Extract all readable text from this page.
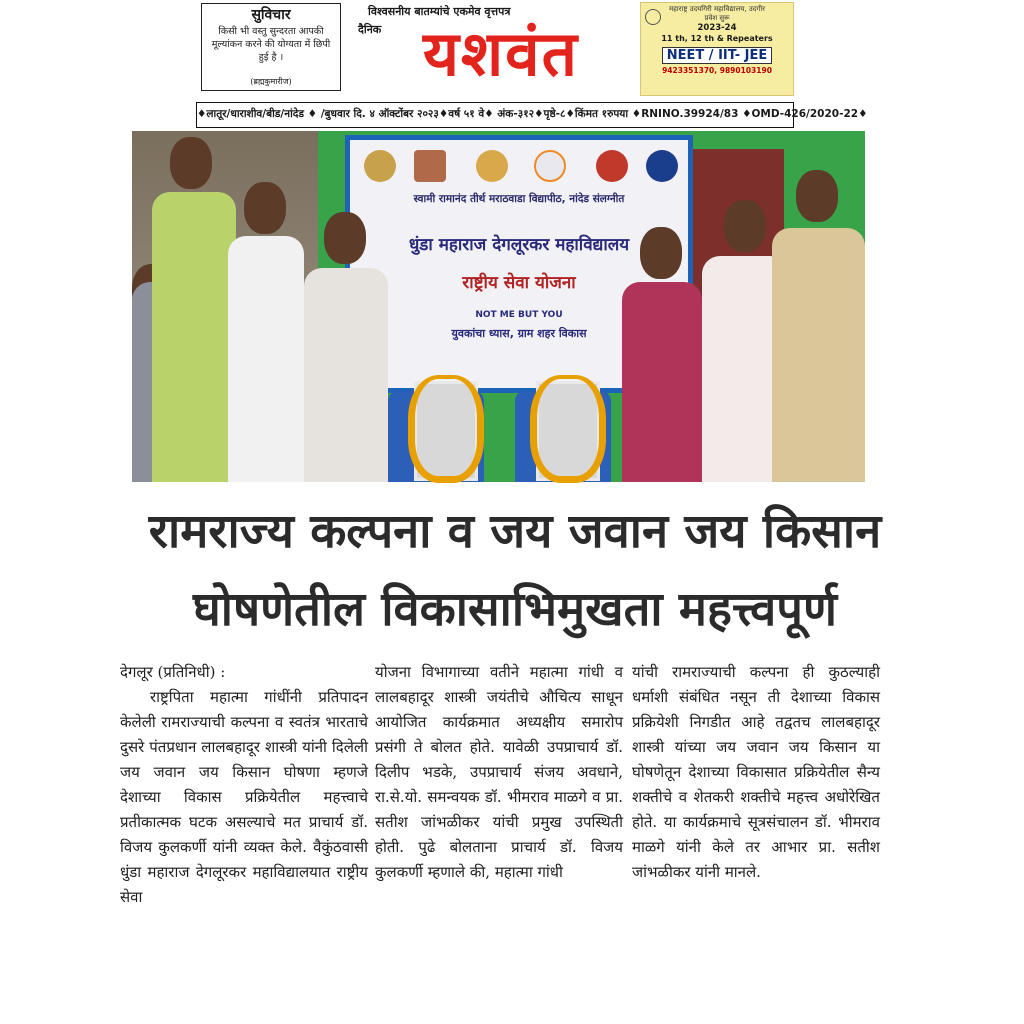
सुविचार
किसी भी वस्तु सुन्दरता आपकी मूल्यांकन करने की योग्यता में छिपी हुई है ।
(ब्रह्मकुमारीज)
विश्वसनीय बातम्यांचे एकमेव वृत्तपत्र
दैनिक यशवंत
महाराष्ट्र उदयगिरी महाविद्यालय, उदगीर
प्रवेश सुरू
2023-24
11 th, 12 th & Repeaters
NEET / IIT- JEE
9423351370, 9890103190
♦लातूर/धाराशीव/बीड/नांदेड ♦ /बुधवार दि. ४ ऑक्टोंबर २०२३♦वर्ष ५१ वे♦ अंक-३१२♦पृष्ठे-८♦किंमत १रुपया ♦RNINO.39924/83 ♦OMD-426/2020-22♦
स्वामी रामानंद तीर्थ मराठवाडा विद्यापीठ, नांदेड संलग्नीत
धुंडा महाराज देगलूरकर महाविद्यालय
राष्ट्रीय सेवा योजना
NOT ME BUT YOU
युवकांचा ध्यास, ग्राम शहर विकास
रामराज्य कल्पना व जय जवान जय किसान
घोषणेतील विकासाभिमुखता महत्त्वपूर्ण
देगलूर (प्रतिनिधी) :
राष्ट्रपिता महात्मा गांधींनी प्रतिपादन केलेली रामराज्याची कल्पना व स्वतंत्र भारताचे दुसरे पंतप्रधान लालबहादूर शास्त्री यांनी दिलेली जय जवान जय किसान घोषणा म्हणजे देशाच्या विकास प्रक्रियेतील महत्त्वाचे प्रतीकात्मक घटक असल्याचे मत प्राचार्य डॉ. विजय कुलकर्णी यांनी व्यक्त केले. वैकुंठवासी धुंडा महाराज देगलूरकर महाविद्यालयात राष्ट्रीय सेवा
योजना विभागाच्या वतीने महात्मा गांधी व लालबहादूर शास्त्री जयंतीचे औचित्य साधून आयोजित कार्यक्रमात अध्यक्षीय समारोप प्रसंगी ते बोलत होते. यावेळी उपप्राचार्य डॉ. दिलीप भडके, उपप्राचार्य संजय अवधाने, रा.से.यो. समन्वयक डॉ. भीमराव माळगे व प्रा. सतीश जांभळीकर यांची प्रमुख उपस्थिती होती. पुढे बोलताना प्राचार्य डॉ. विजय कुलकर्णी म्हणाले की, महात्मा गांधी
यांची रामराज्याची कल्पना ही कुठल्याही धर्माशी संबंधित नसून ती देशाच्या विकास प्रक्रियेशी निगडीत आहे तद्वतच लालबहादूर शास्त्री यांच्या जय जवान जय किसान या घोषणेतून देशाच्या विकासात प्रक्रियेतील सैन्य शक्तीचे व शेतकरी शक्तीचे महत्त्व अधोरेखित होते. या कार्यक्रमाचे सूत्रसंचालन डॉ. भीमराव माळगे यांनी केले तर आभार प्रा. सतीश जांभळीकर यांनी मानले.
